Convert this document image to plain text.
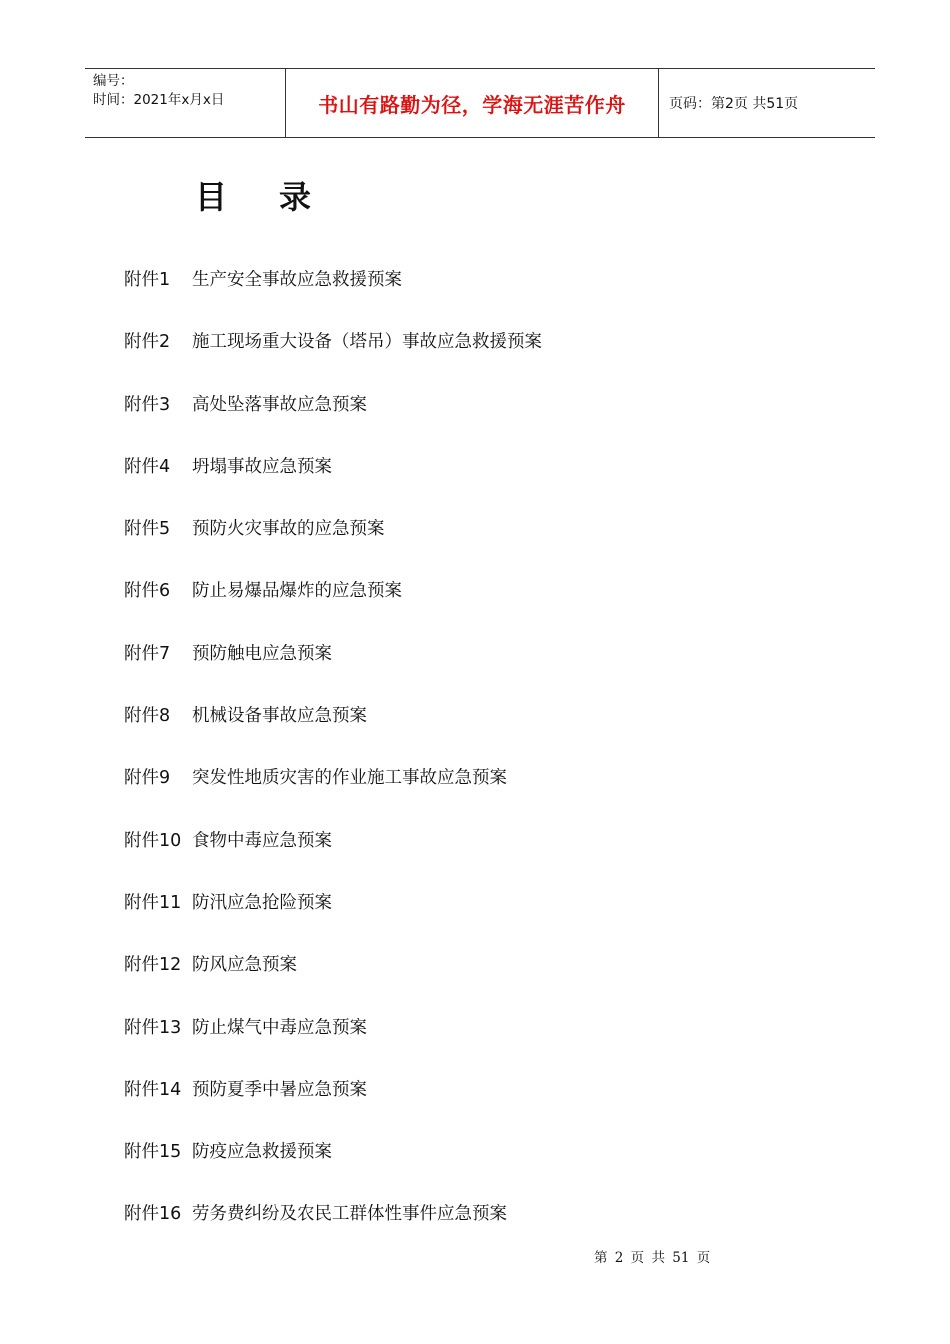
编号：
时间：2021年x月x日	书山有路勤为径，学海无涯苦作舟	页码：第2页 共51页
目录
附件1 生产安全事故应急救援预案
附件2 施工现场重大设备（塔吊）事故应急救援预案
附件3 高处坠落事故应急预案
附件4 坍塌事故应急预案
附件5 预防火灾事故的应急预案
附件6 防止易爆品爆炸的应急预案
附件7 预防触电应急预案
附件8 机械设备事故应急预案
附件9 突发性地质灾害的作业施工事故应急预案
附件10 食物中毒应急预案
附件11 防汛应急抢险预案
附件12 防风应急预案
附件13 防止煤气中毒应急预案
附件14 预防夏季中暑应急预案
附件15 防疫应急救援预案
附件16 劳务费纠纷及农民工群体性事件应急预案
第 2 页 共 51 页
